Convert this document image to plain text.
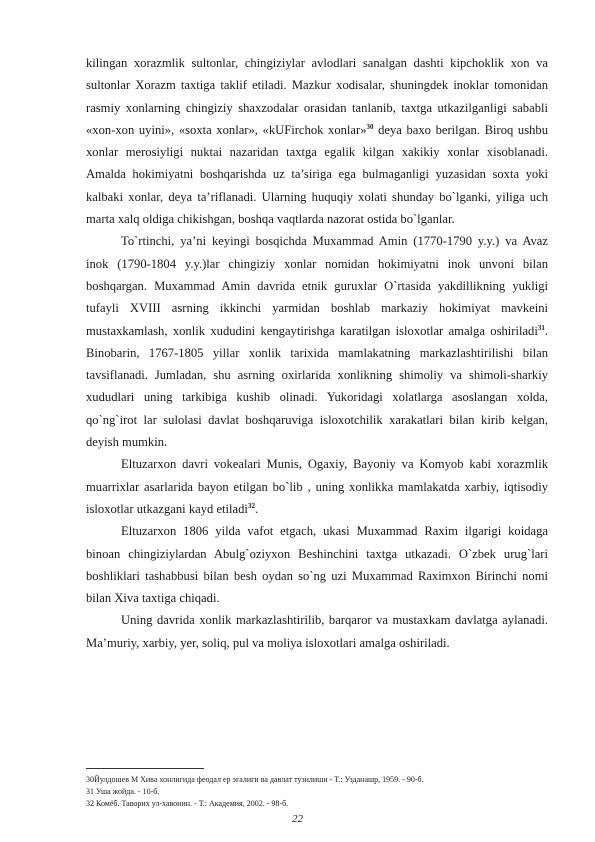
kilingan xorazmlik sultonlar, chingiziylar avlodlari sanalgan dashti kipchoklik xon va sultonlar Xorazm taxtiga taklif etiladi. Mazkur xodisalar, shuningdek inoklar tomonidan rasmiy xonlarning chingiziy shaxzodalar orasidan tanlanib, taxtga utkazilganligi sababli «xon-xon uyini», «soxta xonlar», «kUFirchok xonlar»$^{30}$ deya baxo berilgan. Biroq ushbu xonlar merosiyligi nuktai nazaridan taxtga egalik kilgan xakikiy xonlar xisoblanadi. Amalda hokimiyatni boshqarishda uz ta’siriga ega bulmaganligi yuzasidan soxta yoki kalbaki xonlar, deya ta’riflanadi. Ularning huquqiy xolati shunday bo`lganki, yiliga uch marta xalq oldiga chikishgan, boshqa vaqtlarda nazorat ostida bo`lganlar.

To`rtinchi, ya’ni keyingi bosqichda Muxammad Amin (1770-1790 y.y.) va Avaz inok (1790-1804 y.y.)lar chingiziy xonlar nomidan hokimiyatni inok unvoni bilan boshqargan. Muxammad Amin davrida etnik guruxlar O`rtasida yakdillikning yukligi tufayli XVIII asrning ikkinchi yarmidan boshlab markaziy hokimiyat mavkeini mustaxkamlash, xonlik xududini kengaytirishga karatilgan isloxotlar amalga oshiriladi$^{31}$. Binobarin, 1767-1805 yillar xonlik tarixida mamlakatning markazlashtirilishi bilan tavsiflanadi. Jumladan, shu asrning oxirlarida xonlikning shimoliy va shimoli-sharkiy xududlari uning tarkibiga kushib olinadi. Yukoridagi xolatlarga asoslangan xolda, qo`ng`irot lar sulolasi davlat boshqaruviga isloxotchilik xarakatlari bilan kirib kelgan, deyish mumkin.

Eltuzarxon davri vokealari Munis, Ogaxiy, Bayoniy va Komyob kabi xorazmlik muarrixlar asarlarida bayon etilgan bo`lib , uning xonlikka mamlakatda xarbiy, iqtisodiy isloxotlar utkazgani kayd etiladi$^{32}$.

Eltuzarxon 1806 yilda vafot etgach, ukasi Muxammad Raxim ilgarigi koidaga binoan chingiziylardan Abulg`oziyxon Beshinchini taxtga utkazadi. O`zbek urug`lari boshliklari tashabbusi bilan besh oydan so`ng uzi Muxammad Raximxon Birinchi nomi bilan Xiva taxtiga chiqadi.

Uning davrida xonlik markazlashtirilib, barqaror va mustaxkam davlatga aylanadi. Ma’muriy, xarbiy, yer, soliq, pul va moliya isloxotlari amalga oshiriladi.

30Йулдошев М Хива хонлигида феодал ер эгалиги ва давлат тузилиши - Т.: Узданашр, 1959. - 90-б.

31 Уша жойда. - 10-б.

32 Комёб. Таворих ул-хавоиин. - Т.: Академия, 2002. - 98-б.

22
